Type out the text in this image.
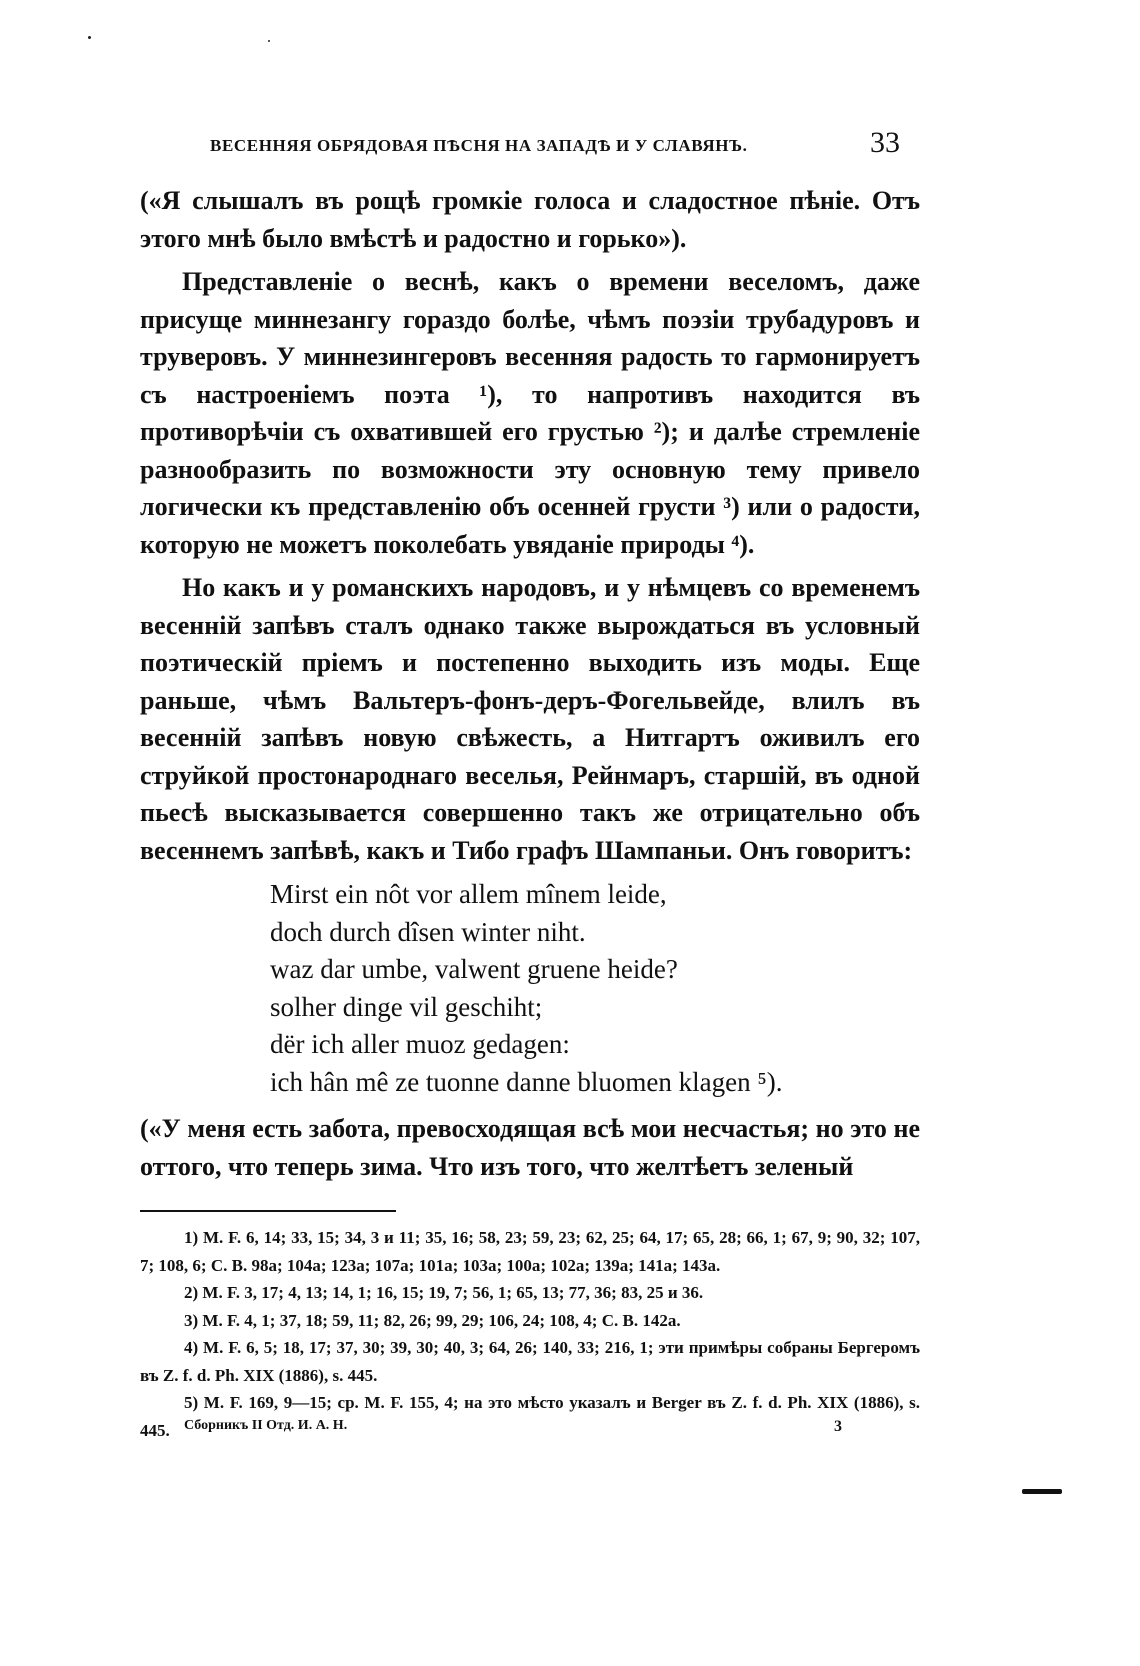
ВЕСЕННЯЯ ОБРЯДОВАЯ ПѢСНЯ НА ЗАПАДѢ И У СЛАВЯНЪ.	33

(«Я слышалъ въ рощѣ громкіе голоса и сладостное пѣніе. Отъ этого мнѣ было вмѣстѣ и радостно и горько»).

Представленіе о веснѣ, какъ о времени веселомъ, даже присуще миннезангу гораздо болѣе, чѣмъ поэзіи трубадуровъ и труверовъ. У миннезингеровъ весенняя радость то гармонируетъ съ настроеніемъ поэта ¹), то напротивъ находится въ противорѣчіи съ охватившей его грустью ²); и далѣе стремленіе разнообразить по возможности эту основную тему привело логически къ представленію объ осенней грусти ³) или о радости, которую не можетъ поколебать увяданіе природы ⁴).

Но какъ и у романскихъ народовъ, и у нѣмцевъ со временемъ весенній запѣвъ сталъ однако также вырождаться въ условный поэтическій пріемъ и постепенно выходить изъ моды. Еще раньше, чѣмъ Вальтеръ-фонъ-деръ-Фогельвейде, влилъ въ весенній запѣвъ новую свѣжесть, а Нитгартъ оживилъ его струйкой простонароднаго веселья, Рейнмаръ, старшій, въ одной пьесѣ высказывается совершенно такъ же отрицательно объ весеннемъ запѣвѣ, какъ и Тибо графъ Шампаньи. Онъ говоритъ:

Mirst ein nôt vor allem mînem leide,
doch durch dîsen winter niht.
waz dar umbe, valwent gruene heide?
solher dinge vil geschiht;
dër ich aller muoz gedagen:
ich hân mê ze tuonne danne bluomen klagen ⁵).
(«У меня есть забота, превосходящая всѣ мои несчастья; но это не оттого, что теперь зима. Что изъ того, что желтѣетъ зеленый

1) M. F. 6, 14; 33, 15; 34, 3 и 11; 35, 16; 58, 23; 59, 23; 62, 25; 64, 17; 65, 28; 66, 1; 67, 9; 90, 32; 107, 7; 108, 6; C. B. 98a; 104a; 123a; 107a; 101a; 103a; 100a; 102a; 139a; 141a; 143a.

2) M. F. 3, 17; 4, 13; 14, 1; 16, 15; 19, 7; 56, 1; 65, 13; 77, 36; 83, 25 и 36.

3) M. F. 4, 1; 37, 18; 59, 11; 82, 26; 99, 29; 106, 24; 108, 4; C. B. 142a.

4) M. F. 6, 5; 18, 17; 37, 30; 39, 30; 40, 3; 64, 26; 140, 33; 216, 1; эти примѣры собраны Бергеромъ въ Z. f. d. Ph. XIX (1886), s. 445.

5) M. F. 169, 9—15; ср. M. F. 155, 4; на это мѣсто указалъ и Berger въ Z. f. d. Ph. XIX (1886), s. 445.	Сборникъ II Отд. И. А. Н.	3
